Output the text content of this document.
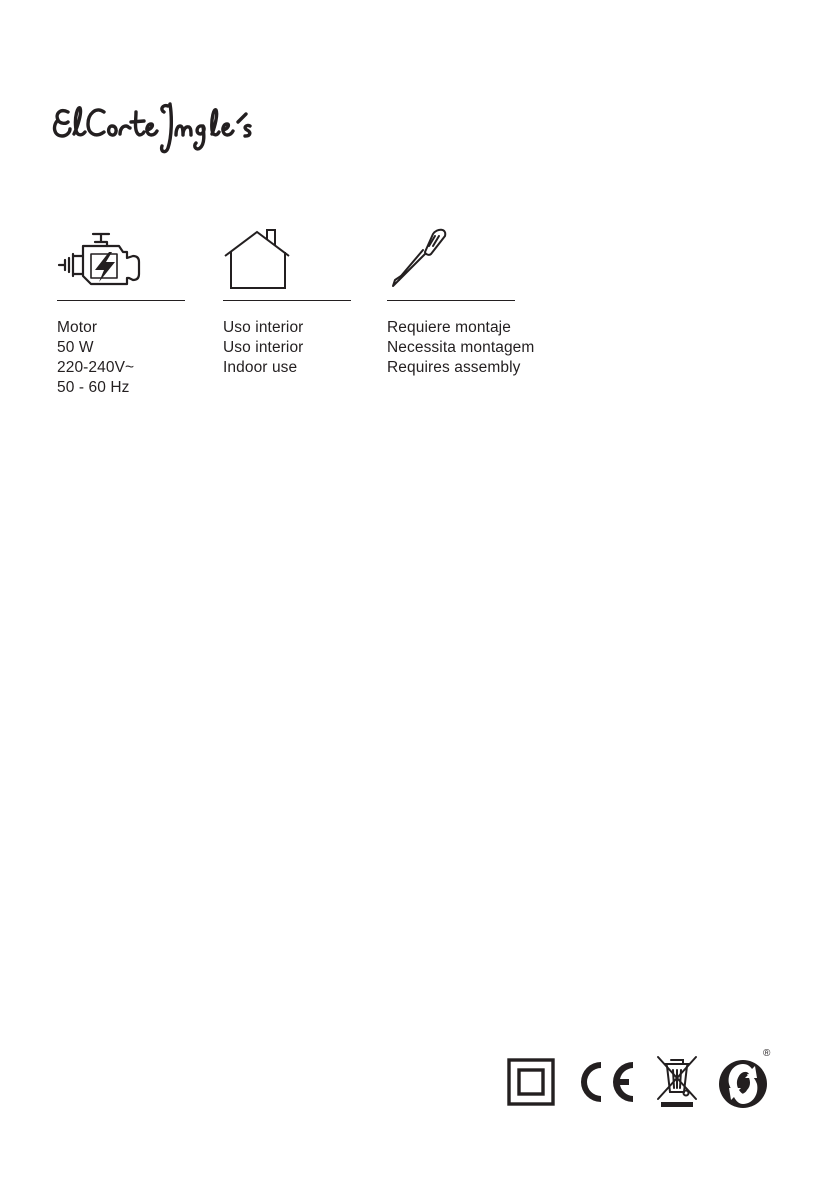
Motor
50 W
220-240V~
50 - 60 Hz
Uso interior
Uso interior
Indoor use
Requiere montaje
Necessita montagem
Requires assembly
®
